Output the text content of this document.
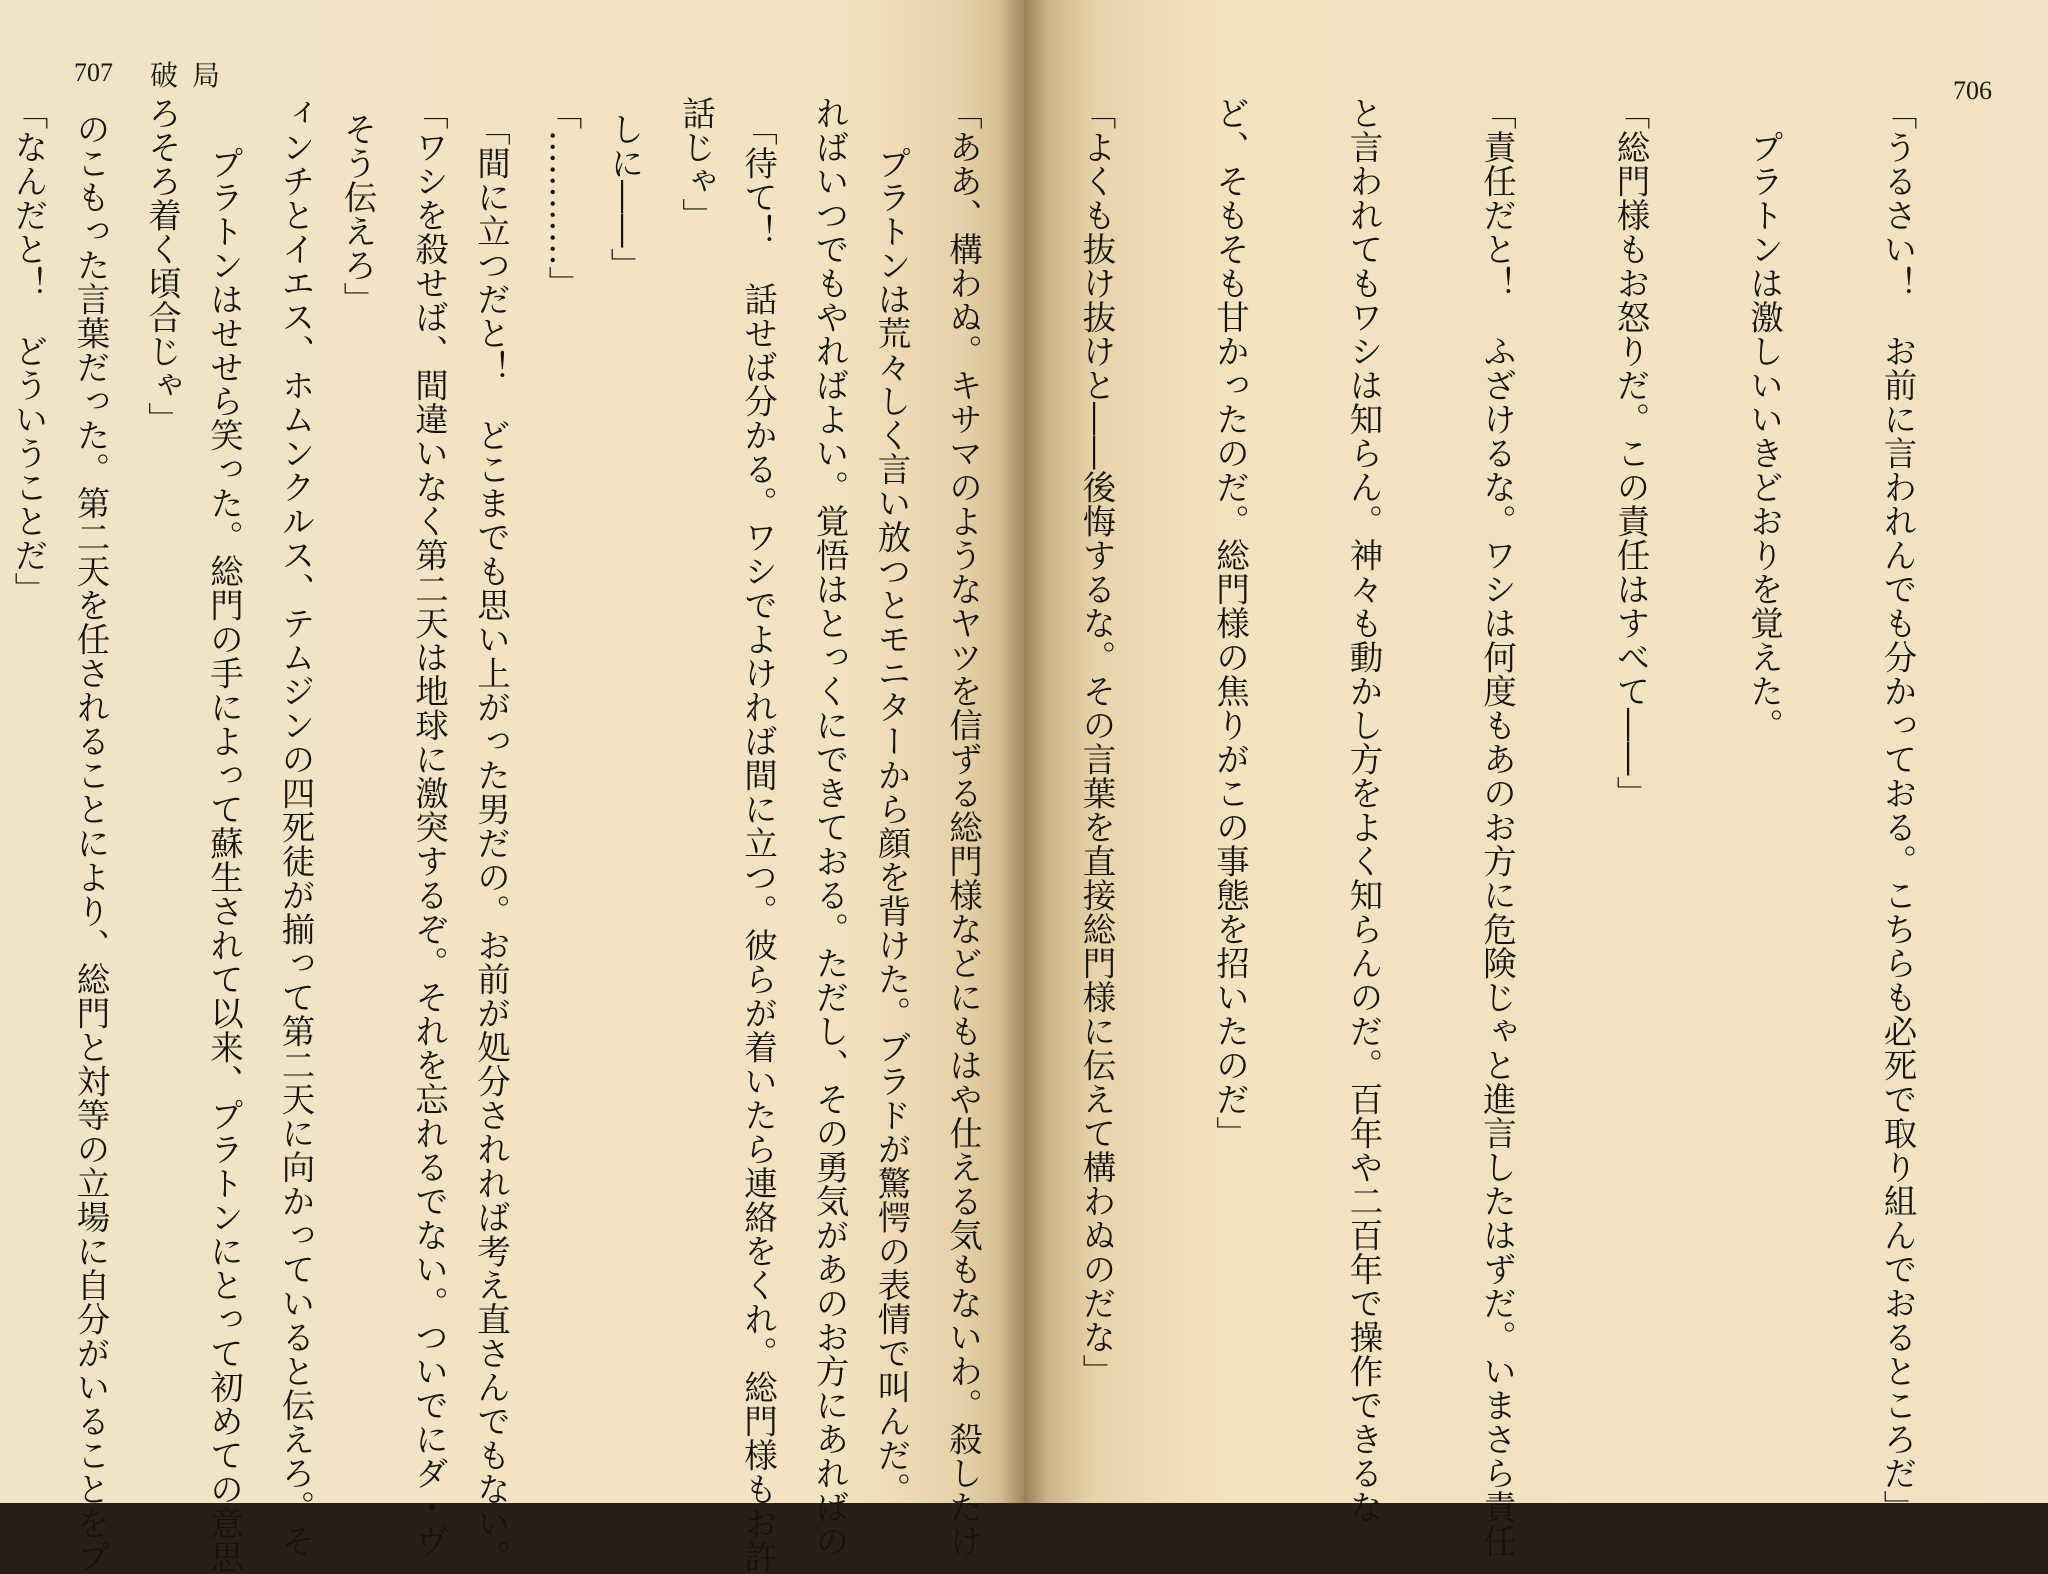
707 破局

　プラトンは荒々しく言い放つとモニターから顔を背けた。ブラドが驚愕の表情で叫んだ。

「待て！　話せば分かる。ワシでよければ間に立つ。彼らが着いたら連絡をくれ。総門様もお許

しに――」

「間に立つだと！　どこまでも思い上がった男だの。お前が処分されれば考え直さんでもない。

そう伝えろ」

　プラトンはせせら笑った。総門の手によって蘇生されて以来、プラトンにとって初めての意思

のこもった言葉だった。第二天を任されることにより、総門と対等の立場に自分がいることをプ

706

「うるさい！　お前に言われんでも分かっておる。こちらも必死で取り組んでおるところだ」

　プラトンは激しいいきどおりを覚えた。

「総門様もお怒りだ。この責任はすべて――」

「責任だと！　ふざけるな。ワシは何度もあのお方に危険じゃと進言したはずだ。いまさら責任

と言われてもワシは知らん。神々も動かし方をよく知らんのだ。百年や二百年で操作できるな

ど、そもそも甘かったのだ。総門様の焦りがこの事態を招いたのだ」

「よくも抜け抜けと――後悔するな。その言葉を直接総門様に伝えて構わぬのだな」

「ああ、構わぬ。キサマのようなヤツを信ずる総門様などにもはや仕える気もないわ。殺したけ

ればいつでもやればよい。覚悟はとっくにできておる。ただし、その勇気があのお方にあればの

話じゃ」

「…………」

「ワシを殺せば、間違いなく第二天は地球に激突するぞ。それを忘れるでない。ついでにダ・ヴ

ィンチとイエス、ホムンクルス、テムジンの四死徒が揃って第二天に向かっていると伝えろ。そ

ろそろ着く頃合じゃ」

「なんだと！　どういうことだ」
